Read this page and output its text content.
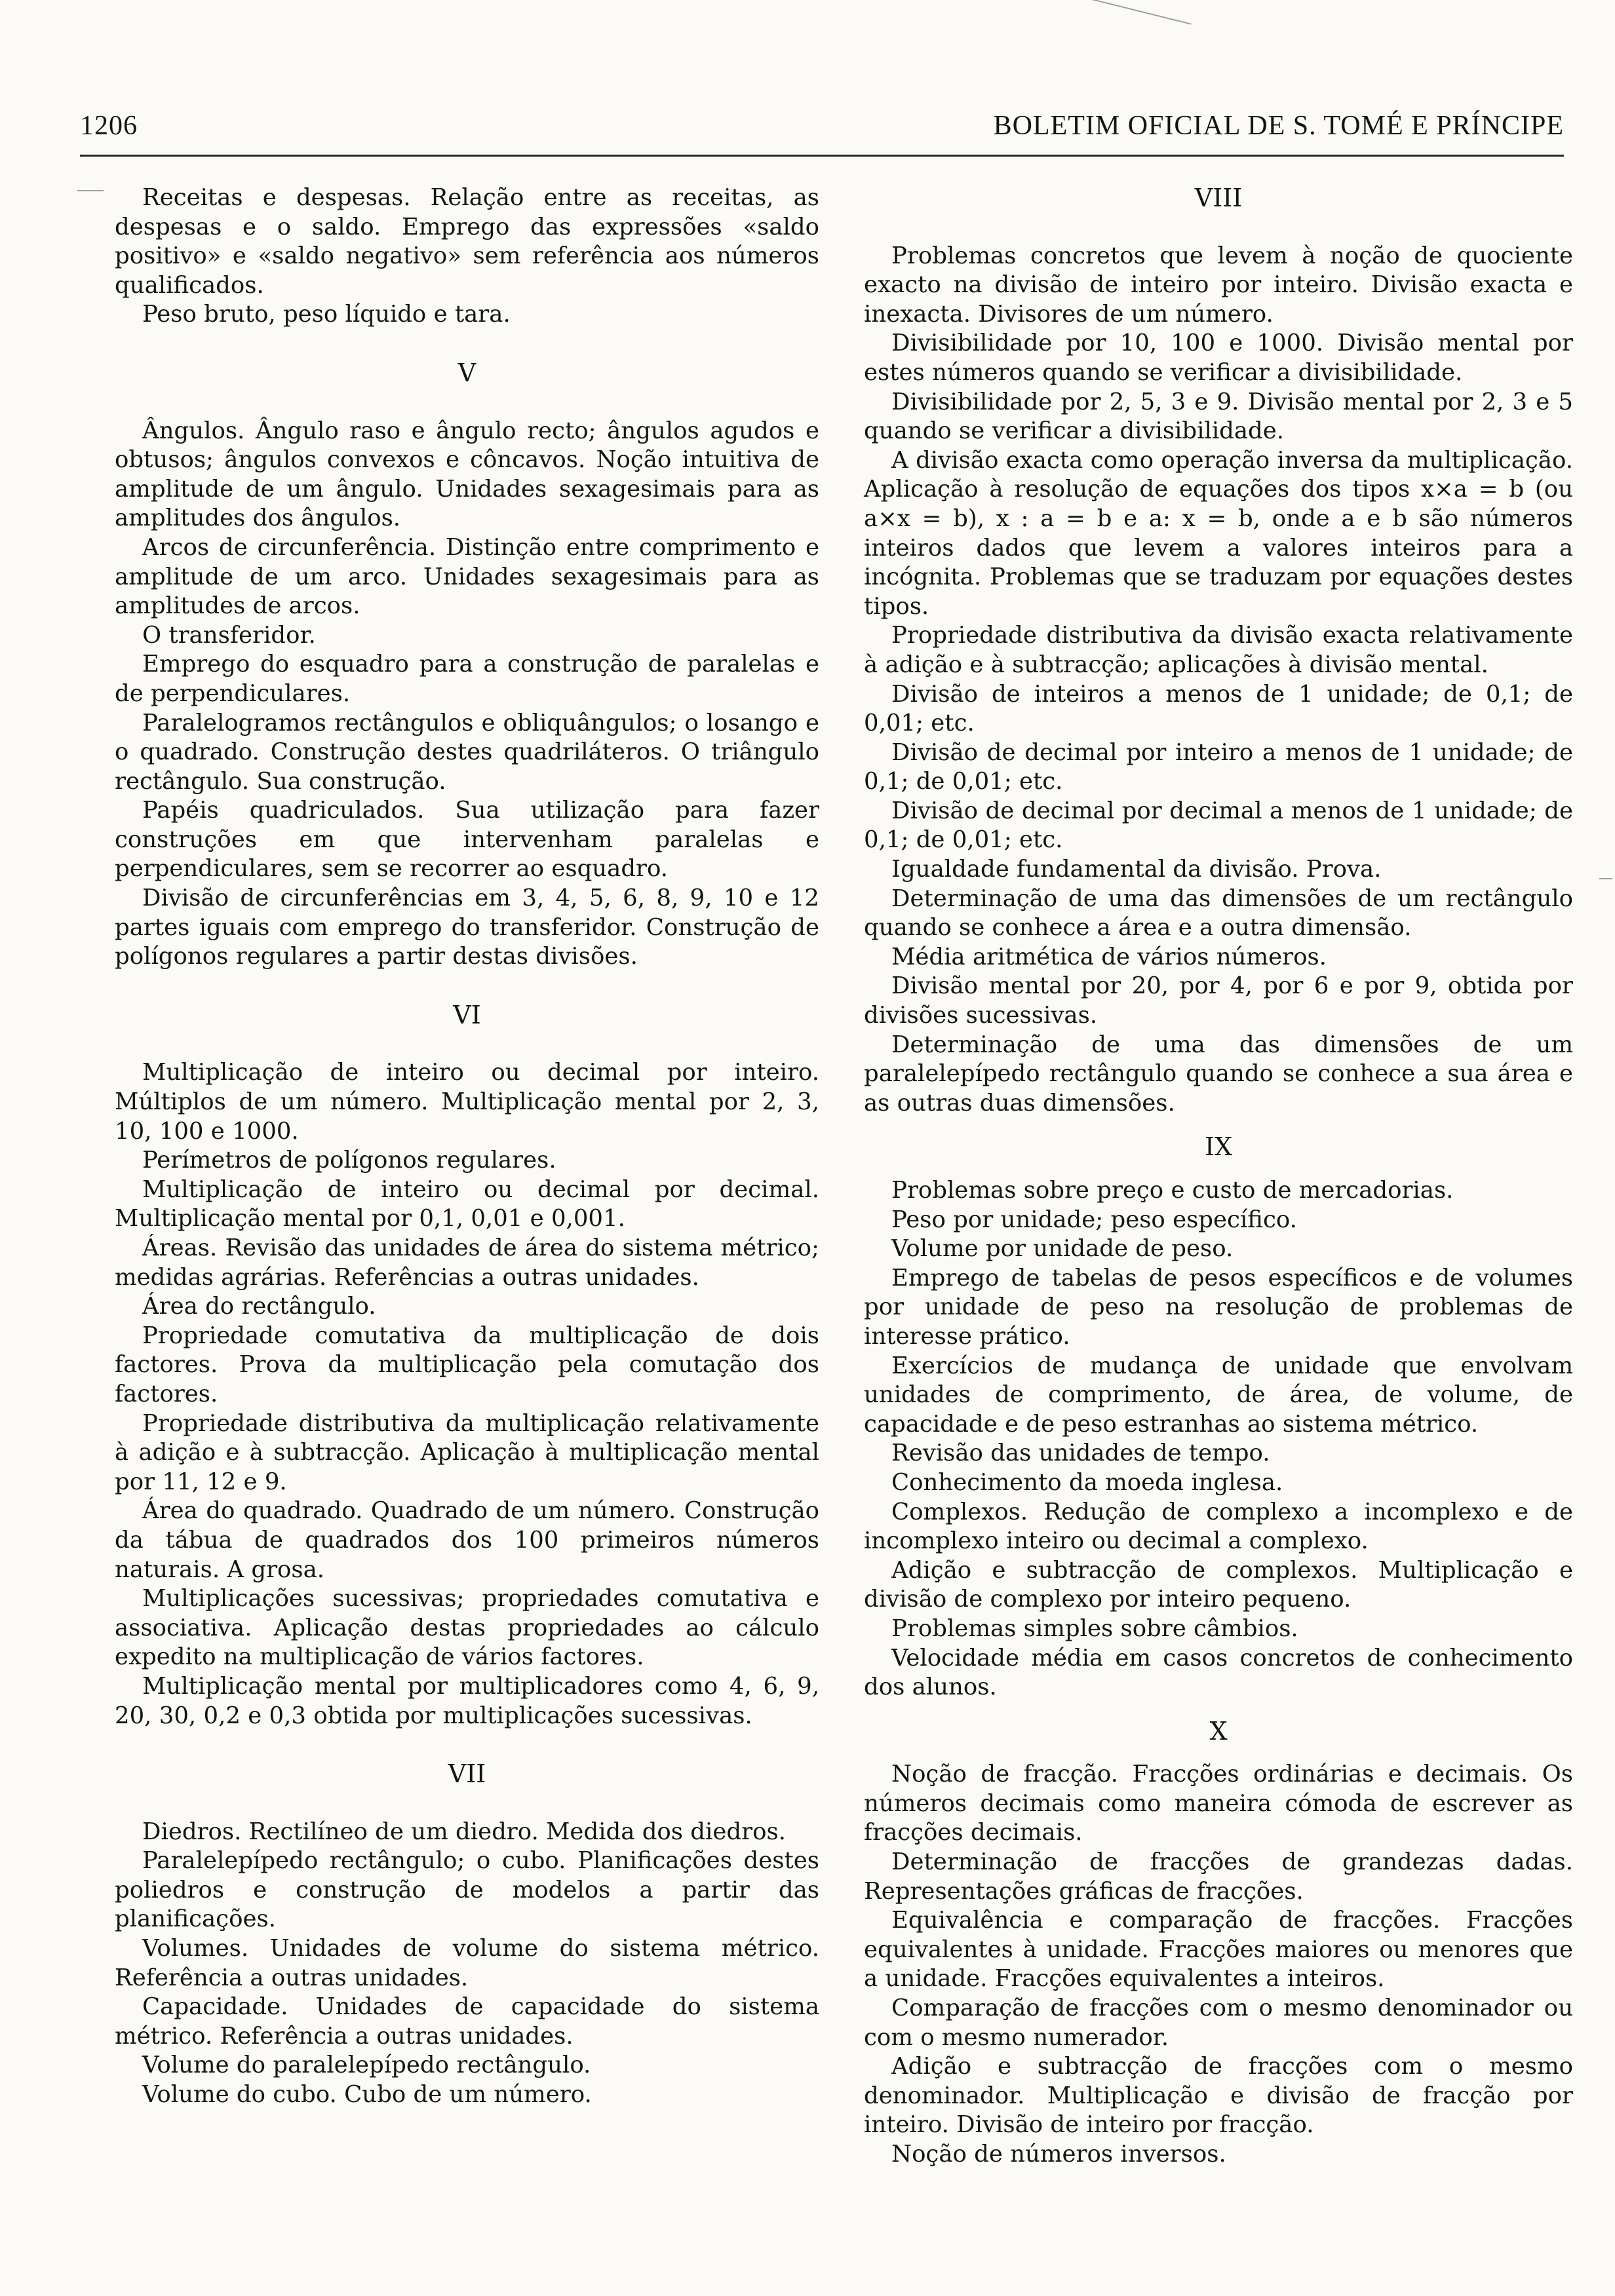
1206	BOLETIM OFICIAL DE S. TOMÉ E PRÍNCIPE

Receitas e despesas. Relação entre as receitas, as despesas e o saldo. Emprego das expressões «saldo positivo» e «saldo negativo» sem referência aos números qualificados.

Peso bruto, peso líquido e tara.

V

Ângulos. Ângulo raso e ângulo recto; ângulos agudos e obtusos; ângulos convexos e côncavos. Noção intuitiva de amplitude de um ângulo. Unidades sexagesimais para as amplitudes dos ângulos.

Arcos de circunferência. Distinção entre comprimento e amplitude de um arco. Unidades sexagesimais para as amplitudes de arcos.

O transferidor.

Emprego do esquadro para a construção de paralelas e de perpendiculares.

Paralelogramos rectângulos e obliquângulos; o losango e o quadrado. Construção destes quadriláteros. O triângulo rectângulo. Sua construção.

Papéis quadriculados. Sua utilização para fazer construções em que intervenham paralelas e perpendiculares, sem se recorrer ao esquadro.

Divisão de circunferências em 3, 4, 5, 6, 8, 9, 10 e 12 partes iguais com emprego do transferidor. Construção de polígonos regulares a partir destas divisões.

VI

Multiplicação de inteiro ou decimal por inteiro. Múltiplos de um número. Multiplicação mental por 2, 3, 10, 100 e 1000.

Perímetros de polígonos regulares.

Multiplicação de inteiro ou decimal por decimal. Multiplicação mental por 0,1, 0,01 e 0,001.

Áreas. Revisão das unidades de área do sistema métrico; medidas agrárias. Referências a outras unidades.

Área do rectângulo.

Propriedade comutativa da multiplicação de dois factores. Prova da multiplicação pela comutação dos factores.

Propriedade distributiva da multiplicação relativamente à adição e à subtracção. Aplicação à multiplicação mental por 11, 12 e 9.

Área do quadrado. Quadrado de um número. Construção da tábua de quadrados dos 100 primeiros números naturais. A grosa.

Multiplicações sucessivas; propriedades comutativa e associativa. Aplicação destas propriedades ao cálculo expedito na multiplicação de vários factores.

Multiplicação mental por multiplicadores como 4, 6, 9, 20, 30, 0,2 e 0,3 obtida por multiplicações sucessivas.

VII

Diedros. Rectilíneo de um diedro. Medida dos diedros.

Paralelepípedo rectângulo; o cubo. Planificações destes poliedros e construção de modelos a partir das planificações.

Volumes. Unidades de volume do sistema métrico. Referência a outras unidades.

Capacidade. Unidades de capacidade do sistema métrico. Referência a outras unidades.

Volume do paralelepípedo rectângulo.

Volume do cubo. Cubo de um número.

VIII

Problemas concretos que levem à noção de quociente exacto na divisão de inteiro por inteiro. Divisão exacta e inexacta. Divisores de um número.

Divisibilidade por 10, 100 e 1000. Divisão mental por estes números quando se verificar a divisibilidade.

Divisibilidade por 2, 5, 3 e 9. Divisão mental por 2, 3 e 5 quando se verificar a divisibilidade.

A divisão exacta como operação inversa da multiplicação. Aplicação à resolução de equações dos tipos x×a = b (ou a×x = b), x : a = b e a: x = b, onde a e b são números inteiros dados que levem a valores inteiros para a incógnita. Problemas que se traduzam por equações destes tipos.

Propriedade distributiva da divisão exacta relativamente à adição e à subtracção; aplicações à divisão mental.

Divisão de inteiros a menos de 1 unidade; de 0,1; de 0,01; etc.

Divisão de decimal por inteiro a menos de 1 unidade; de 0,1; de 0,01; etc.

Divisão de decimal por decimal a menos de 1 unidade; de 0,1; de 0,01; etc.

Igualdade fundamental da divisão. Prova.

Determinação de uma das dimensões de um rectângulo quando se conhece a área e a outra dimensão.

Média aritmética de vários números.

Divisão mental por 20, por 4, por 6 e por 9, obtida por divisões sucessivas.

Determinação de uma das dimensões de um paralelepípedo rectângulo quando se conhece a sua área e as outras duas dimensões.

IX

Problemas sobre preço e custo de mercadorias.

Peso por unidade; peso específico.

Volume por unidade de peso.

Emprego de tabelas de pesos específicos e de volumes por unidade de peso na resolução de problemas de interesse prático.

Exercícios de mudança de unidade que envolvam unidades de comprimento, de área, de volume, de capacidade e de peso estranhas ao sistema métrico.

Revisão das unidades de tempo.

Conhecimento da moeda inglesa.

Complexos. Redução de complexo a incomplexo e de incomplexo inteiro ou decimal a complexo.

Adição e subtracção de complexos. Multiplicação e divisão de complexo por inteiro pequeno.

Problemas simples sobre câmbios.

Velocidade média em casos concretos de conhecimento dos alunos.

X

Noção de fracção. Fracções ordinárias e decimais. Os números decimais como maneira cómoda de escrever as fracções decimais.

Determinação de fracções de grandezas dadas. Representações gráficas de fracções.

Equivalência e comparação de fracções. Fracções equivalentes à unidade. Fracções maiores ou menores que a unidade. Fracções equivalentes a inteiros.

Comparação de fracções com o mesmo denominador ou com o mesmo numerador.

Adição e subtracção de fracções com o mesmo denominador. Multiplicação e divisão de fracção por inteiro. Divisão de inteiro por fracção.

Noção de números inversos.
